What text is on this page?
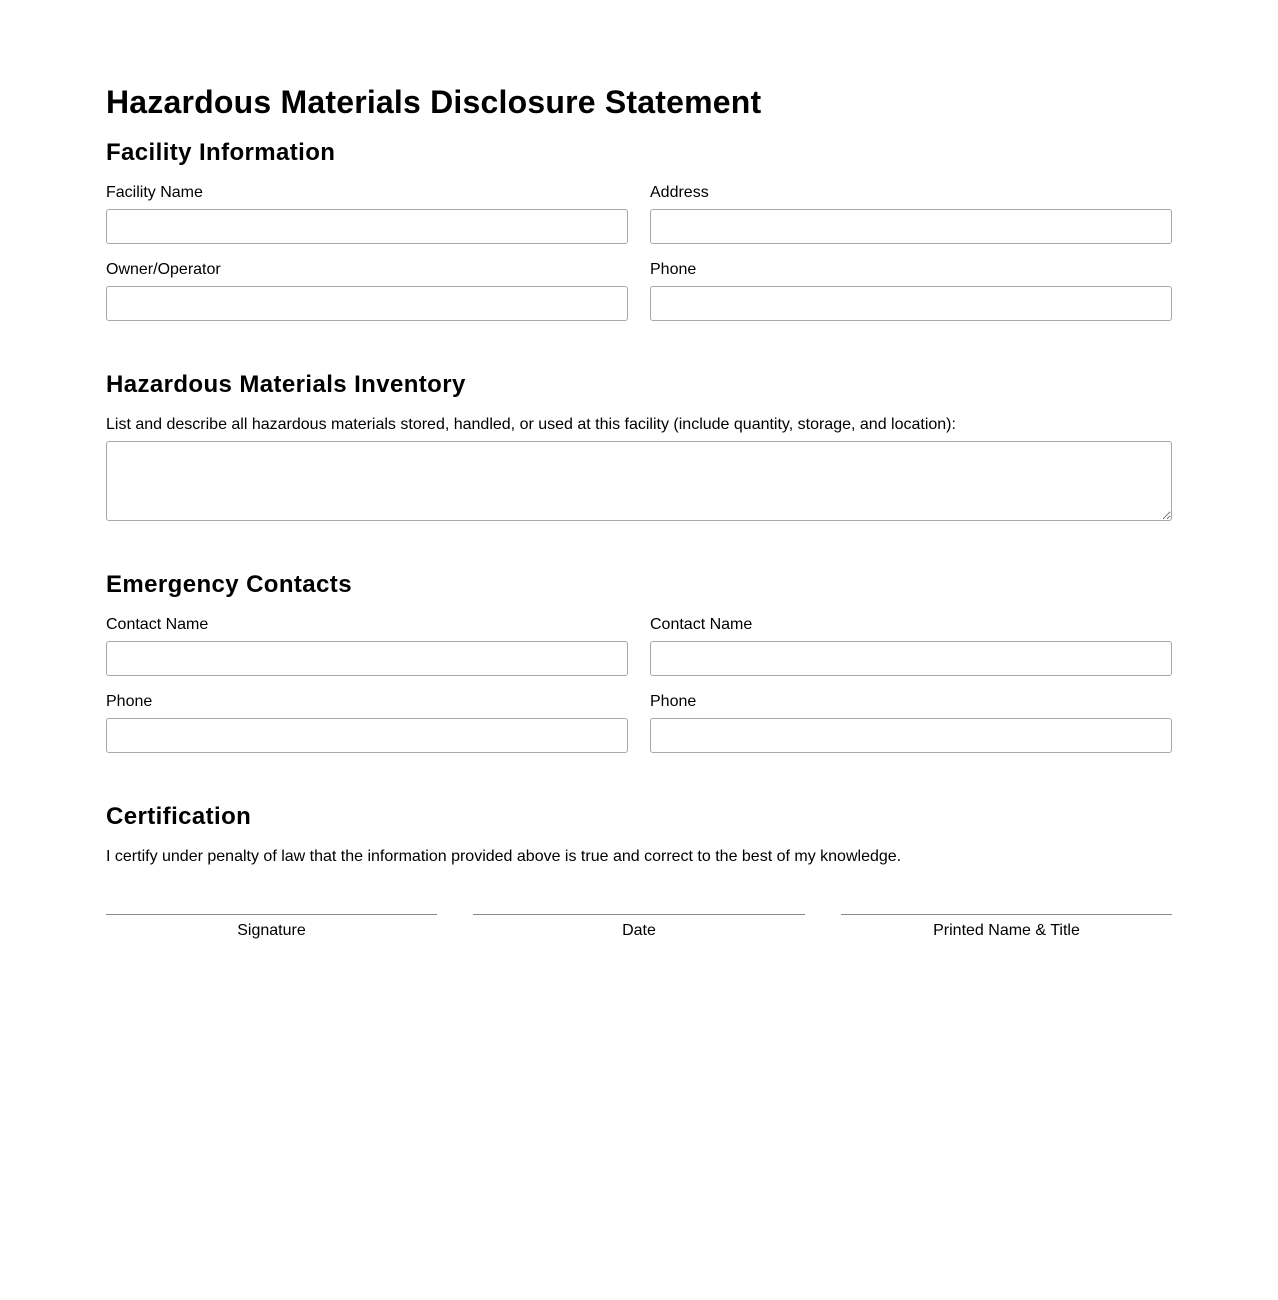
Hazardous Materials Disclosure Statement
Facility Information
Facility Name	Address
Owner/Operator	Phone
Hazardous Materials Inventory
List and describe all hazardous materials stored, handled, or used at this facility (include quantity, storage, and location):
Emergency Contacts
Contact Name	Contact Name
Phone	Phone
Certification

I certify under penalty of law that the information provided above is true and correct to the best of my knowledge.

Signature	Date	Printed Name & Title
